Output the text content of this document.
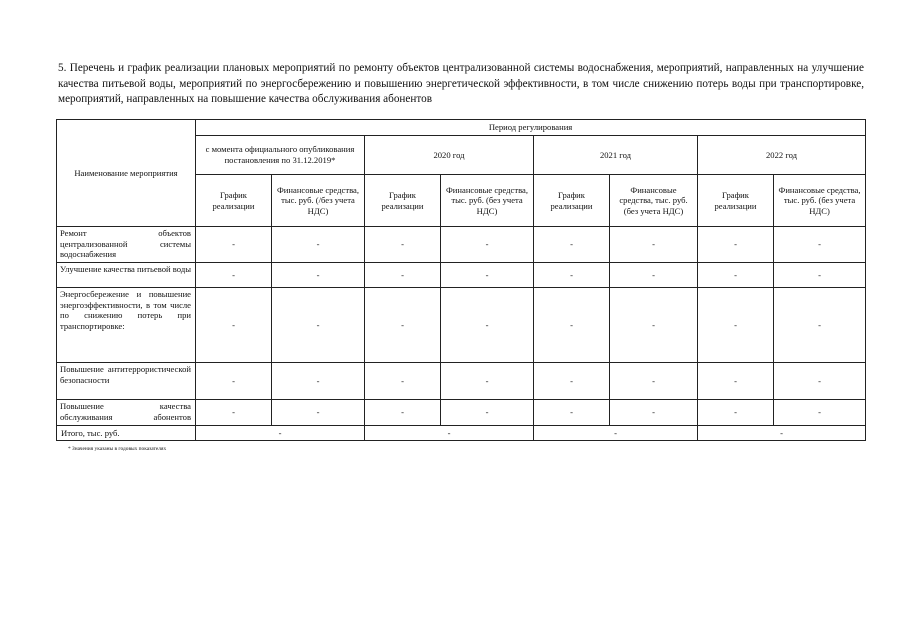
5. Перечень и график реализации плановых мероприятий по ремонту объектов централизованной системы водоснабжения, мероприятий, направленных на улучшение качества питьевой воды, мероприятий по энергосбережению и повышению энергетической эффективности, в том числе снижению потерь воды при транспортировке, мероприятий, направленных на повышение качества обслуживания абонентов
Наименование мероприятия	Период регулирования							
	с момента официального опубликования постановления по 31.12.2019*		2020 год		2021 год		2022 год	
	График реализации	Финансовые средства, тыс. руб. (/без учета НДС)	График реализации	Финансовые средства, тыс. руб. (без учета НДС)	График реализации	Финансовые средства, тыс. руб. (без учета НДС)	График реализации	Финансовые средства, тыс. руб. (без учета НДС)
Ремонт объектов централизованной системы водоснабжения	-	-	-	-	-	-	-	-
Улучшение качества питьевой воды	-	-	-	-	-	-	-	-
Энергосбережение и повышение энергоэффективности, в том числе по снижению потерь при транспортировке:	-	-	-	-	-	-	-	-
Повышение антитеррористической безопасности	-	-	-	-	-	-	-	-
Повышение качества обслуживания абонентов	-	-	-	-	-	-	-	-
Итого, тыс. руб.	-		-		-		-	
* Значения указаны в годовых показателях
